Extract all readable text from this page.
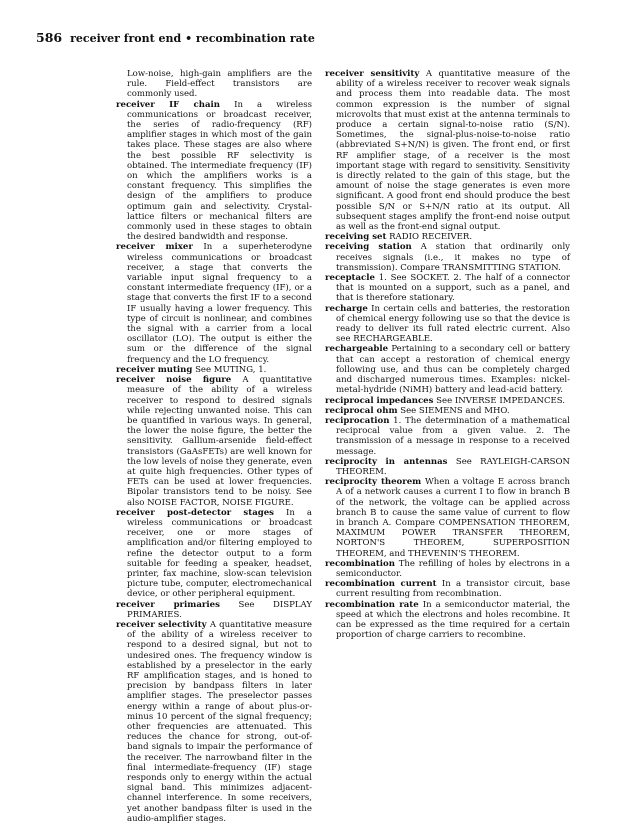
586 receiver front end • recombination rate

Low-noise, high-gain amplifiers are the rule. Field-effect transistors are commonly used.

receiver IF chain In a wireless communications or broadcast receiver, the series of radio-frequency (RF) amplifier stages in which most of the gain takes place. These stages are also where the best possible RF selectivity is obtained. The intermediate frequency (IF) on which the amplifiers works is a constant frequency. This simplifies the design of the amplifiers to produce optimum gain and selectivity. Crystal-lattice filters or mechanical filters are commonly used in these stages to obtain the desired bandwidth and response.

receiver mixer In a superheterodyne wireless communications or broadcast receiver, a stage that converts the variable input signal frequency to a constant intermediate frequency (IF), or a stage that converts the first IF to a second IF usually having a lower frequency. This type of circuit is nonlinear, and combines the signal with a carrier from a local oscillator (LO). The output is either the sum or the difference of the signal frequency and the LO frequency.

receiver muting See MUTING, 1.

receiver noise figure A quantitative measure of the ability of a wireless receiver to respond to desired signals while rejecting unwanted noise. This can be quantified in various ways. In general, the lower the noise figure, the better the sensitivity. Gallium-arsenide field-effect transistors (GaAsFETs) are well known for the low levels of noise they generate, even at quite high frequencies. Other types of FETs can be used at lower frequencies. Bipolar transistors tend to be noisy. See also NOISE FACTOR, NOISE FIGURE.

receiver post-detector stages In a wireless communications or broadcast receiver, one or more stages of amplification and/or filtering employed to refine the detector output to a form suitable for feeding a speaker, headset, printer, fax machine, slow-scan television picture tube, computer, electromechanical device, or other peripheral equipment.

receiver primaries See DISPLAY PRIMARIES.

receiver selectivity A quantitative measure of the ability of a wireless receiver to respond to a desired signal, but not to undesired ones. The frequency window is established by a preselector in the early RF amplification stages, and is honed to precision by bandpass filters in later amplifier stages. The preselector passes energy within a range of about plus-or-minus 10 percent of the signal frequency; other frequencies are attenuated. This reduces the chance for strong, out-of-band signals to impair the performance of the receiver. The narrowband filter in the final intermediate-frequency (IF) stage responds only to energy within the actual signal band. This minimizes adjacent-channel interference. In some receivers, yet another bandpass filter is used in the audio-amplifier stages.

receiver sensitivity A quantitative measure of the ability of a wireless receiver to recover weak signals and process them into readable data. The most common expression is the number of signal microvolts that must exist at the antenna terminals to produce a certain signal-to-noise ratio (S/N). Sometimes, the signal-plus-noise-to-noise ratio (abbreviated S+N/N) is given. The front end, or first RF amplifier stage, of a receiver is the most important stage with regard to sensitivity. Sensitivity is directly related to the gain of this stage, but the amount of noise the stage generates is even more significant. A good front end should produce the best possible S/N or S+N/N ratio at its output. All subsequent stages amplify the front-end noise output as well as the front-end signal output.

receiving set RADIO RECEIVER.

receiving station A station that ordinarily only receives signals (i.e., it makes no type of transmission). Compare TRANSMITTING STATION.

receptacle 1. See SOCKET. 2. The half of a connector that is mounted on a support, such as a panel, and that is therefore stationary.

recharge In certain cells and batteries, the restoration of chemical energy following use so that the device is ready to deliver its full rated electric current. Also see RECHARGEABLE.

rechargeable Pertaining to a secondary cell or battery that can accept a restoration of chemical energy following use, and thus can be completely charged and discharged numerous times. Examples: nickel-metal-hydride (NiMH) battery and lead-acid battery.

reciprocal impedances See INVERSE IMPEDANCES.

reciprocal ohm See SIEMENS and MHO.

reciprocation 1. The determination of a mathematical reciprocal value from a given value. 2. The transmission of a message in response to a received message.

reciprocity in antennas See RAYLEIGH-CARSON THEOREM.

reciprocity theorem When a voltage E across branch A of a network causes a current I to flow in branch B of the network, the voltage can be applied across branch B to cause the same value of current to flow in branch A. Compare COMPENSATION THEOREM, MAXIMUM POWER TRANSFER THEOREM, NORTON'S THEOREM, SUPERPOSITION THEOREM, and THEVENIN'S THEOREM.

recombination The refilling of holes by electrons in a semiconductor.

recombination current In a transistor circuit, base current resulting from recombination.

recombination rate In a semiconductor material, the speed at which the electrons and holes recombine. It can be expressed as the time required for a certain proportion of charge carriers to recombine.
